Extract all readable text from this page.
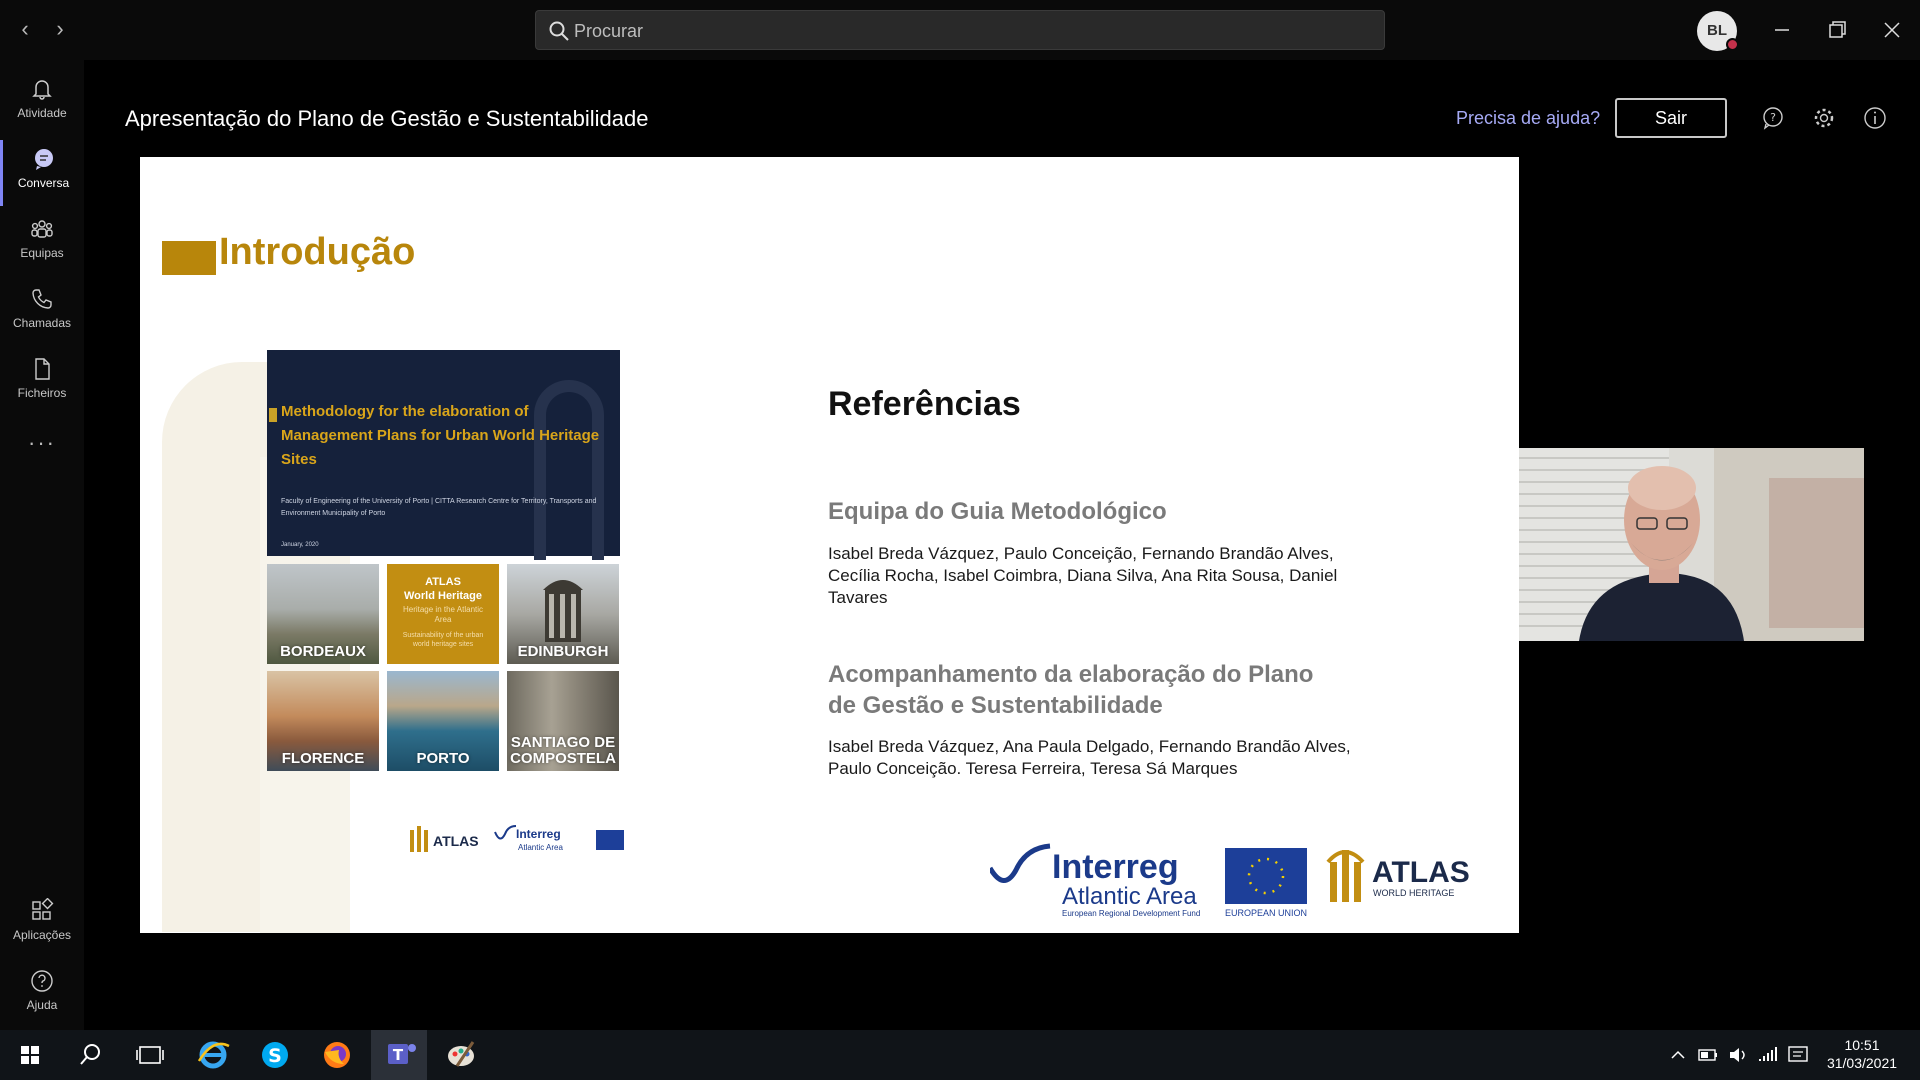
‹	›	Procurar	BL
Atividade
Conversa
Equipas
Chamadas
Ficheiros
···
Aplicações
Ajuda
Apresentação do Plano de Gestão e Sustentabilidade	Precisa de ajuda?	Sair	?
Introdução
Methodology for the elaboration of Management Plans for Urban World Heritage Sites
Faculty of Engineering of the University of Porto | CITTA Research Centre for Territory, Transports and Environment Municipality of Porto
January, 2020
BORDEAUX
ATLAS
World Heritage
Heritage in the Atlantic Area
Sustainability of the urban world heritage sites	EDINBURGH
FLORENCE	PORTO
SANTIAGO DE COMPOSTELA
ATLAS	Interreg
Atlantic Area
Referências
Equipa do Guia Metodológico
Isabel Breda Vázquez, Paulo Conceição, Fernando Brandão Alves, Cecília Rocha, Isabel Coimbra, Diana Silva, Ana Rita Sousa, Daniel Tavares
Acompanhamento da elaboração do Plano de Gestão e Sustentabilidade
Isabel Breda Vázquez, Ana Paula Delgado, Fernando Brandão Alves, Paulo Conceição. Teresa Ferreira, Teresa Sá Marques
Interreg
Atlantic Area
European Regional Development Fund	EUROPEAN UNION
ATLAS
WORLD HERITAGE
S	T
10:51
31/03/2021
